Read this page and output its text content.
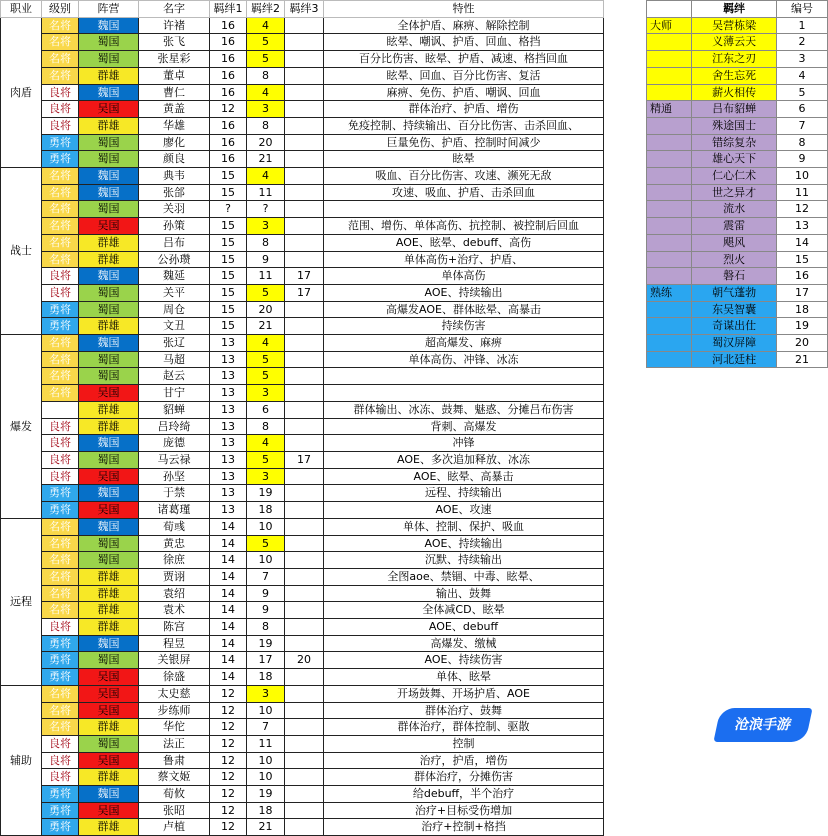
职业	级别	阵营	名字	羁绊1	羁绊2	羁绊3	特性
肉盾	名将	魏国	许褚	16	4		全体护盾、麻痹、解除控制
	名将	蜀国	张飞	16	5		眩晕、嘲讽、护盾、回血、格挡
	名将	蜀国	张星彩	16	5		百分比伤害、眩晕、护盾、减速、格挡回血
	名将	群雄	董卓	16	8		眩晕、回血、百分比伤害、复活
	良将	魏国	曹仁	16	4		麻痹、免伤、护盾、嘲讽、回血
	良将	吴国	黄盖	12	3		群体治疗、护盾、增伤
	良将	群雄	华雄	16	8		免疫控制、持续输出、百分比伤害、击杀回血、
	勇将	蜀国	廖化	16	20		巨量免伤、护盾、控制时间减少
	勇将	蜀国	颜良	16	21		眩晕
战士	名将	魏国	典韦	15	4		吸血、百分比伤害、攻速、濒死无敌
	名将	魏国	张郃	15	11		攻速、吸血、护盾、击杀回血
	名将	蜀国	关羽	?	?		
	名将	吴国	孙策	15	3		范围、增伤、单体高伤、抗控制、被控制后回血
	名将	群雄	吕布	15	8		AOE、眩晕、debuff、高伤
	名将	群雄	公孙瓒	15	9		单体高伤+治疗、护盾、
	良将	魏国	魏延	15	11	17	单体高伤
	良将	蜀国	关平	15	5	17	AOE、持续输出
	勇将	蜀国	周仓	15	20		高爆发AOE、群体眩晕、高暴击
	勇将	群雄	文丑	15	21		持续伤害
爆发	名将	魏国	张辽	13	4		超高爆发、麻痹
	名将	蜀国	马超	13	5		单体高伤、冲锋、冰冻
	名将	蜀国	赵云	13	5		
	名将	吴国	甘宁	13	3		
		群雄	貂蝉	13	6		群体输出、冰冻、鼓舞、魅惑、分摊吕布伤害
	良将	群雄	吕玲绮	13	8		背刺、高爆发
	良将	魏国	庞德	13	4		冲锋
	良将	蜀国	马云禄	13	5	17	AOE、多次追加释放、冰冻
	良将	吴国	孙坚	13	3		AOE、眩晕、高暴击
	勇将	魏国	于禁	13	19		远程、持续输出
	勇将	吴国	诸葛瑾	13	18		AOE、攻速
远程	名将	魏国	荀彧	14	10		单体、控制、保护、吸血
	名将	蜀国	黄忠	14	5		AOE、持续输出
	名将	蜀国	徐庶	14	10		沉默、持续输出
	名将	群雄	贾诩	14	7		全图aoe、禁锢、中毒、眩晕、
	名将	群雄	袁绍	14	9		输出、鼓舞
	名将	群雄	袁术	14	9		全体减CD、眩晕
	良将	群雄	陈宫	14	8		AOE、debuff
	勇将	魏国	程昱	14	19		高爆发、缴械
	勇将	蜀国	关银屏	14	17	20	AOE、持续伤害
	勇将	吴国	徐盛	14	18		单体、眩晕
辅助	名将	吴国	太史慈	12	3		开场鼓舞、开场护盾、AOE
	名将	吴国	步练师	12	10		群体治疗、鼓舞
	名将	群雄	华佗	12	7		群体治疗，群体控制、驱散
	良将	蜀国	法正	12	11		控制
	良将	吴国	鲁肃	12	10		治疗，护盾，增伤
	良将	群雄	蔡文姬	12	10		群体治疗，分摊伤害
	勇将	魏国	荀攸	12	19		给debuff，半个治疗
	勇将	吴国	张昭	12	18		治疗+目标受伤增加
	勇将	群雄	卢植	12	21		治疗+控制+格挡
	羁绊	编号
大师	吴营栋梁	1
	义薄云天	2
	江东之刃	3
	舍生忘死	4
	薪火相传	5
精通	吕布貂蝉	6
	殊途国士	7
	错综复杂	8
	雄心天下	9
	仁心仁术	10
	世之异才	11
	流水	12
	震雷	13
	飓风	14
	烈火	15
	磐石	16
熟练	朝气蓬勃	17
	东吴智囊	18
	奇谋出仕	19
	蜀汉屏障	20
	河北廷柱	21
沧浪手游
